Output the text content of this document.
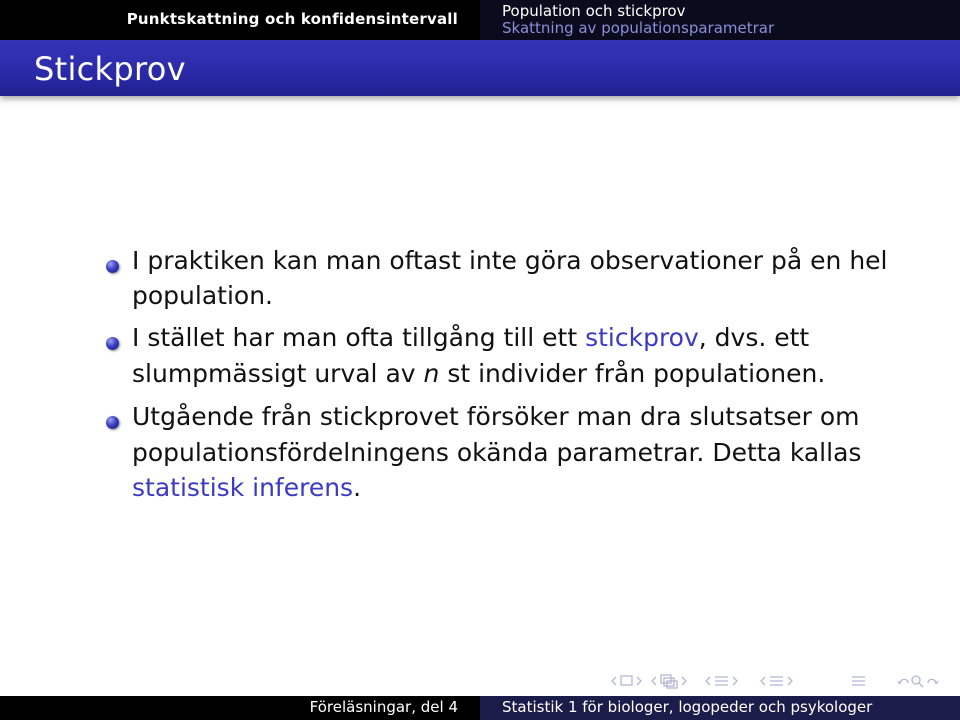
Punktskattning och konfidensintervall	Population och stickprov
Skattning av populationsparametrar
Stickprov
I praktiken kan man oftast inte göra observationer på en hel
population.
I stället har man ofta tillgång till ett stickprov, dvs. ett
slumpmässigt urval av n st individer från populationen.
Utgående från stickprovet försöker man dra slutsatser om
populationsfördelningens okända parametrar. Detta kallas
statistisk inferens.
Föreläsningar, del 4	Statistik 1 för biologer, logopeder och psykologer
